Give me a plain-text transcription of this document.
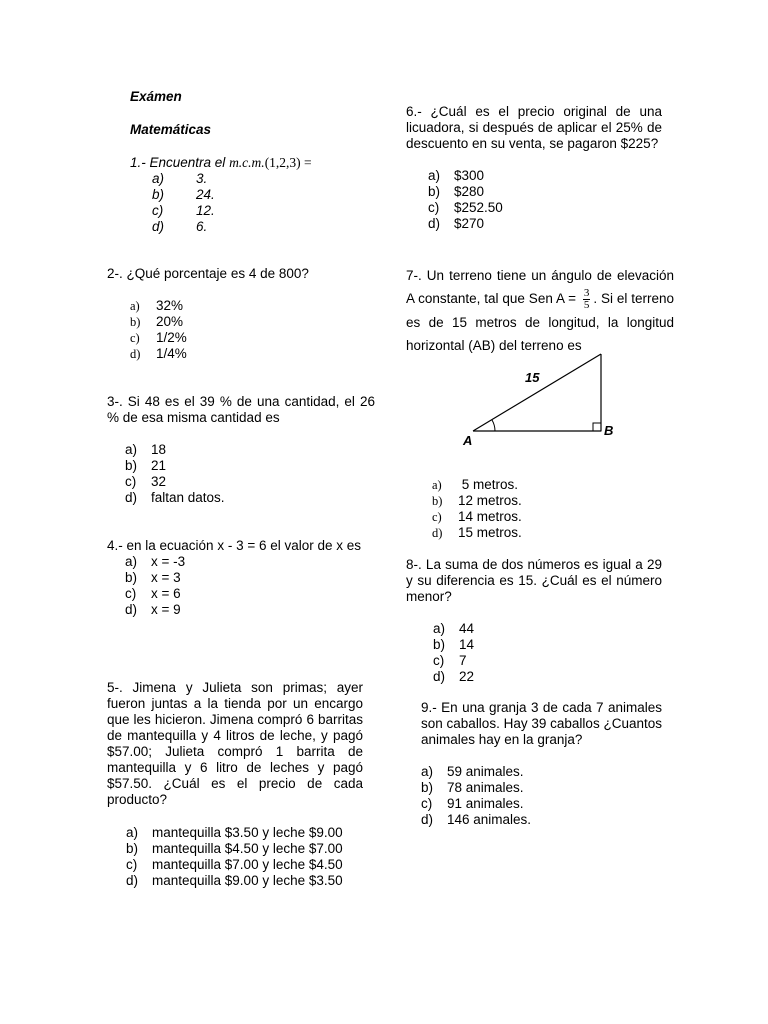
Exámen
Matemáticas
1.- Encuentra el m.c.m.(1,2,3) =
a)	3.
b)	24.
c)	12.
d)	6.
2-. ¿Qué porcentaje es 4 de 800?
a)	32%
b)	20%
c)	1/2%
d)	1/4%
3-. Si 48 es el 39 % de una cantidad, el 26 % de esa misma cantidad es
a)	18
b)	21
c)	32
d)	faltan datos.
4.- en la ecuación x - 3 = 6 el valor de x es
a)	x = -3
b)	x = 3
c)	x = 6
d)	x = 9
5-. Jimena y Julieta son primas; ayer fueron juntas a la tienda por un encargo que les hicieron. Jimena compró 6 barritas de mantequilla y 4 litros de leche, y pagó $57.00; Julieta compró 1 barrita de mantequilla y 6 litro de leches y pagó $57.50. ¿Cuál es el precio de cada producto?
a)	mantequilla $3.50 y leche $9.00
b)	mantequilla $4.50 y leche $7.00
c)	mantequilla $7.00 y leche $4.50
d)	mantequilla $9.00 y leche $3.50
6.- ¿Cuál es el precio original de una licuadora, si después de aplicar el 25% de descuento en su venta, se pagaron $225?
a)	$300
b)	$280
c)	$252.50
d)	$270
7-. Un terreno tiene un ángulo de elevación A constante, tal que Sen $A = \frac{3}{5}$ . Si el terreno es de 15 metros de longitud, la longitud horizontal (AB) del terreno es
15
A
B
a)	5 metros.
b)	12 metros.
c)	14 metros.
d)	15 metros.
8-. La suma de dos números es igual a 29 y su diferencia es 15. ¿Cuál es el número menor?
a)	44
b)	14
c)	7
d)	22
9.- En una granja 3 de cada 7 animales son caballos. Hay 39 caballos ¿Cuantos animales hay en la granja?
a)	59 animales.
b)	78 animales.
c)	91 animales.
d)	146 animales.
